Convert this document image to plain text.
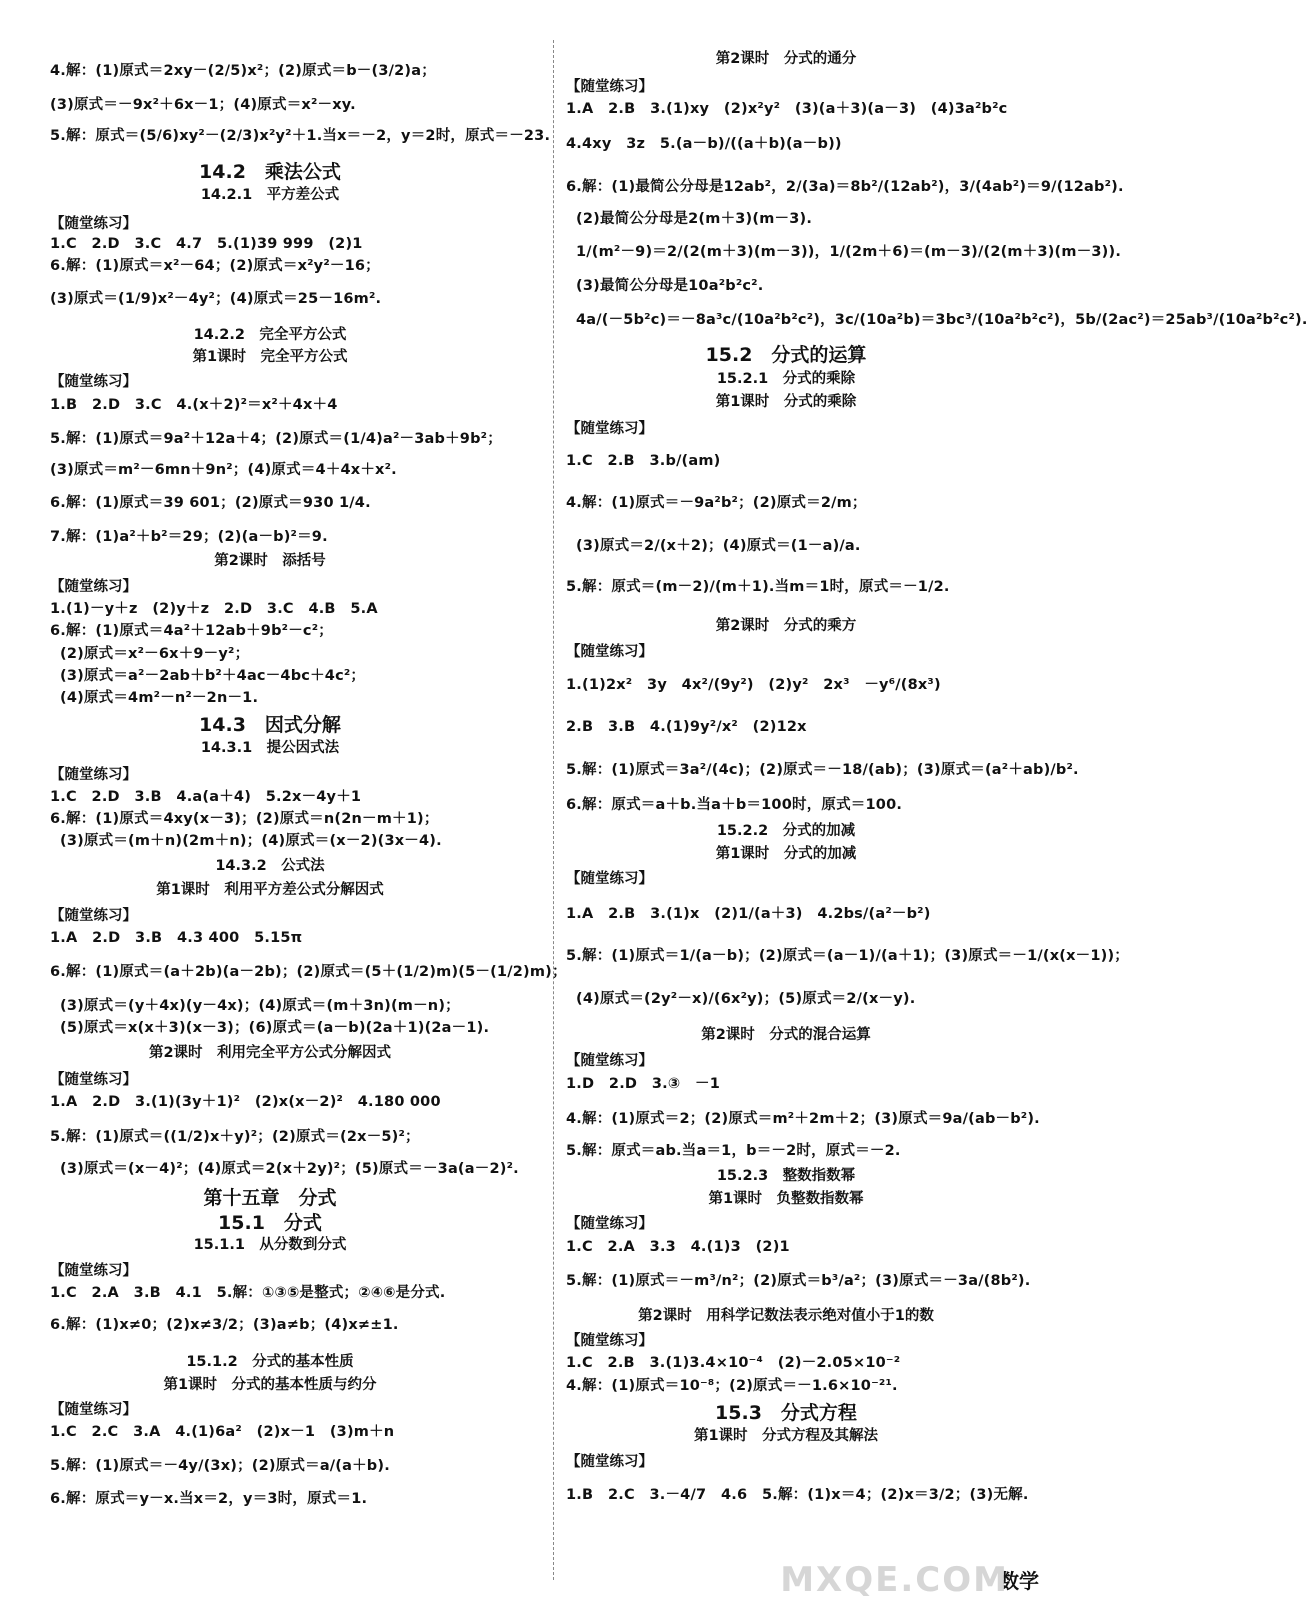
4.解：(1)原式＝2xy－(2/5)x²；(2)原式＝b－(3/2)a；
(3)原式＝－9x²＋6x－1；(4)原式＝x²－xy.
5.解：原式＝(5/6)xy²－(2/3)x²y²＋1.当x＝－2，y＝2时，原式＝－23.
14.2　乘法公式
14.2.1　平方差公式
【随堂练习】
1.C　2.D　3.C　4.7　5.(1)39 999　(2)1
6.解：(1)原式＝x²－64；(2)原式＝x²y²－16；
(3)原式＝(1/9)x²－4y²；(4)原式＝25－16m².
14.2.2　完全平方公式
第1课时　完全平方公式
【随堂练习】
1.B　2.D　3.C　4.(x＋2)²＝x²＋4x＋4
5.解：(1)原式＝9a²＋12a＋4；(2)原式＝(1/4)a²－3ab＋9b²；
(3)原式＝m²－6mn＋9n²；(4)原式＝4＋4x＋x².
6.解：(1)原式＝39 601；(2)原式＝930 1/4.
7.解：(1)a²＋b²＝29；(2)(a－b)²＝9.
第2课时　添括号
【随堂练习】
1.(1)－y＋z　(2)y＋z　2.D　3.C　4.B　5.A
6.解：(1)原式＝4a²＋12ab＋9b²－c²；
(2)原式＝x²－6x＋9－y²；
(3)原式＝a²－2ab＋b²＋4ac－4bc＋4c²；
(4)原式＝4m²－n²－2n－1.
14.3　因式分解
14.3.1　提公因式法
【随堂练习】
1.C　2.D　3.B　4.a(a＋4)　5.2x－4y＋1
6.解：(1)原式＝4xy(x－3)；(2)原式＝n(2n－m＋1)；
(3)原式＝(m＋n)(2m＋n)；(4)原式＝(x－2)(3x－4).
14.3.2　公式法
第1课时　利用平方差公式分解因式
【随堂练习】
1.A　2.D　3.B　4.3 400　5.15π
6.解：(1)原式＝(a＋2b)(a－2b)；(2)原式＝(5＋(1/2)m)(5－(1/2)m)；
(3)原式＝(y＋4x)(y－4x)；(4)原式＝(m＋3n)(m－n)；
(5)原式＝x(x＋3)(x－3)；(6)原式＝(a－b)(2a＋1)(2a－1).
第2课时　利用完全平方公式分解因式
【随堂练习】
1.A　2.D　3.(1)(3y＋1)²　(2)x(x－2)²　4.180 000
5.解：(1)原式＝((1/2)x＋y)²；(2)原式＝(2x－5)²；
(3)原式＝(x－4)²；(4)原式＝2(x＋2y)²；(5)原式＝－3a(a－2)².
第十五章　分式
15.1　分式
15.1.1　从分数到分式
【随堂练习】
1.C　2.A　3.B　4.1　5.解：①③⑤是整式；②④⑥是分式.
6.解：(1)x≠0；(2)x≠3/2；(3)a≠b；(4)x≠±1.
15.1.2　分式的基本性质
第1课时　分式的基本性质与约分
【随堂练习】
1.C　2.C　3.A　4.(1)6a²　(2)x－1　(3)m＋n
5.解：(1)原式＝－4y/(3x)；(2)原式＝a/(a＋b).
6.解：原式＝y－x.当x＝2，y＝3时，原式＝1.
第2课时　分式的通分
【随堂练习】
1.A　2.B　3.(1)xy　(2)x²y²　(3)(a＋3)(a－3)　(4)3a²b²c
4.4xy　3z　5.(a－b)/((a＋b)(a－b))
6.解：(1)最简公分母是12ab²，2/(3a)＝8b²/(12ab²)，3/(4ab²)＝9/(12ab²).
(2)最简公分母是2(m＋3)(m－3).
1/(m²－9)＝2/(2(m＋3)(m－3))，1/(2m＋6)＝(m－3)/(2(m＋3)(m－3)).
(3)最简公分母是10a²b²c².
4a/(－5b²c)＝－8a³c/(10a²b²c²)，3c/(10a²b)＝3bc³/(10a²b²c²)，5b/(2ac²)＝25ab³/(10a²b²c²).
15.2　分式的运算
15.2.1　分式的乘除
第1课时　分式的乘除
【随堂练习】
1.C　2.B　3.b/(am)
4.解：(1)原式＝－9a²b²；(2)原式＝2/m；
(3)原式＝2/(x＋2)；(4)原式＝(1－a)/a.
5.解：原式＝(m－2)/(m＋1).当m＝1时，原式＝－1/2.
第2课时　分式的乘方
【随堂练习】
1.(1)2x²　3y　4x²/(9y²)　(2)y²　2x³　－y⁶/(8x³)
2.B　3.B　4.(1)9y²/x²　(2)12x
5.解：(1)原式＝3a²/(4c)；(2)原式＝－18/(ab)；(3)原式＝(a²＋ab)/b².
6.解：原式＝a＋b.当a＋b＝100时，原式＝100.
15.2.2　分式的加减
第1课时　分式的加减
【随堂练习】
1.A　2.B　3.(1)x　(2)1/(a＋3)　4.2bs/(a²－b²)
5.解：(1)原式＝1/(a－b)；(2)原式＝(a－1)/(a＋1)；(3)原式＝－1/(x(x－1))；
(4)原式＝(2y²－x)/(6x²y)；(5)原式＝2/(x－y).
第2课时　分式的混合运算
【随堂练习】
1.D　2.D　3.③　－1
4.解：(1)原式＝2；(2)原式＝m²＋2m＋2；(3)原式＝9a/(ab－b²).
5.解：原式＝ab.当a＝1，b＝－2时，原式＝－2.
15.2.3　整数指数幂
第1课时　负整数指数幂
【随堂练习】
1.C　2.A　3.3　4.(1)3　(2)1
5.解：(1)原式＝－m³/n²；(2)原式＝b³/a²；(3)原式＝－3a/(8b²).
第2课时　用科学记数法表示绝对值小于1的数
【随堂练习】
1.C　2.B　3.(1)3.4×10⁻⁴　(2)－2.05×10⁻²
4.解：(1)原式＝10⁻⁸；(2)原式＝－1.6×10⁻²¹.
15.3　分式方程
第1课时　分式方程及其解法
【随堂练习】
1.B　2.C　3.－4/7　4.6　5.解：(1)x＝4；(2)x＝3/2；(3)无解.
数学
MXQE.COM
